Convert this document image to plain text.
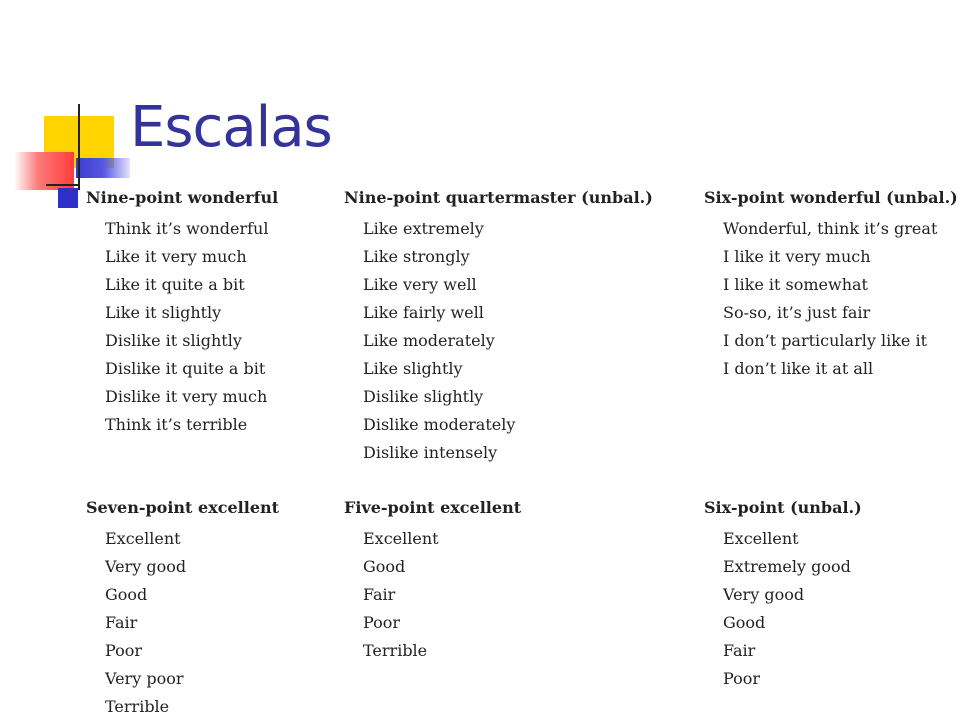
Escalas
Nine-point wonderful
Think it’s wonderful
Like it very much
Like it quite a bit
Like it slightly
Dislike it slightly
Dislike it quite a bit
Dislike it very much
Think it’s terrible
Nine-point quartermaster (unbal.)
Like extremely
Like strongly
Like very well
Like fairly well
Like moderately
Like slightly
Dislike slightly
Dislike moderately
Dislike intensely
Six-point wonderful (unbal.)
Wonderful, think it’s great
I like it very much
I like it somewhat
So-so, it’s just fair
I don’t particularly like it
I don’t like it at all
Seven-point excellent
Excellent
Very good
Good
Fair
Poor
Very poor
Terrible
Five-point excellent
Excellent
Good
Fair
Poor
Terrible
Six-point (unbal.)
Excellent
Extremely good
Very good
Good
Fair
Poor
